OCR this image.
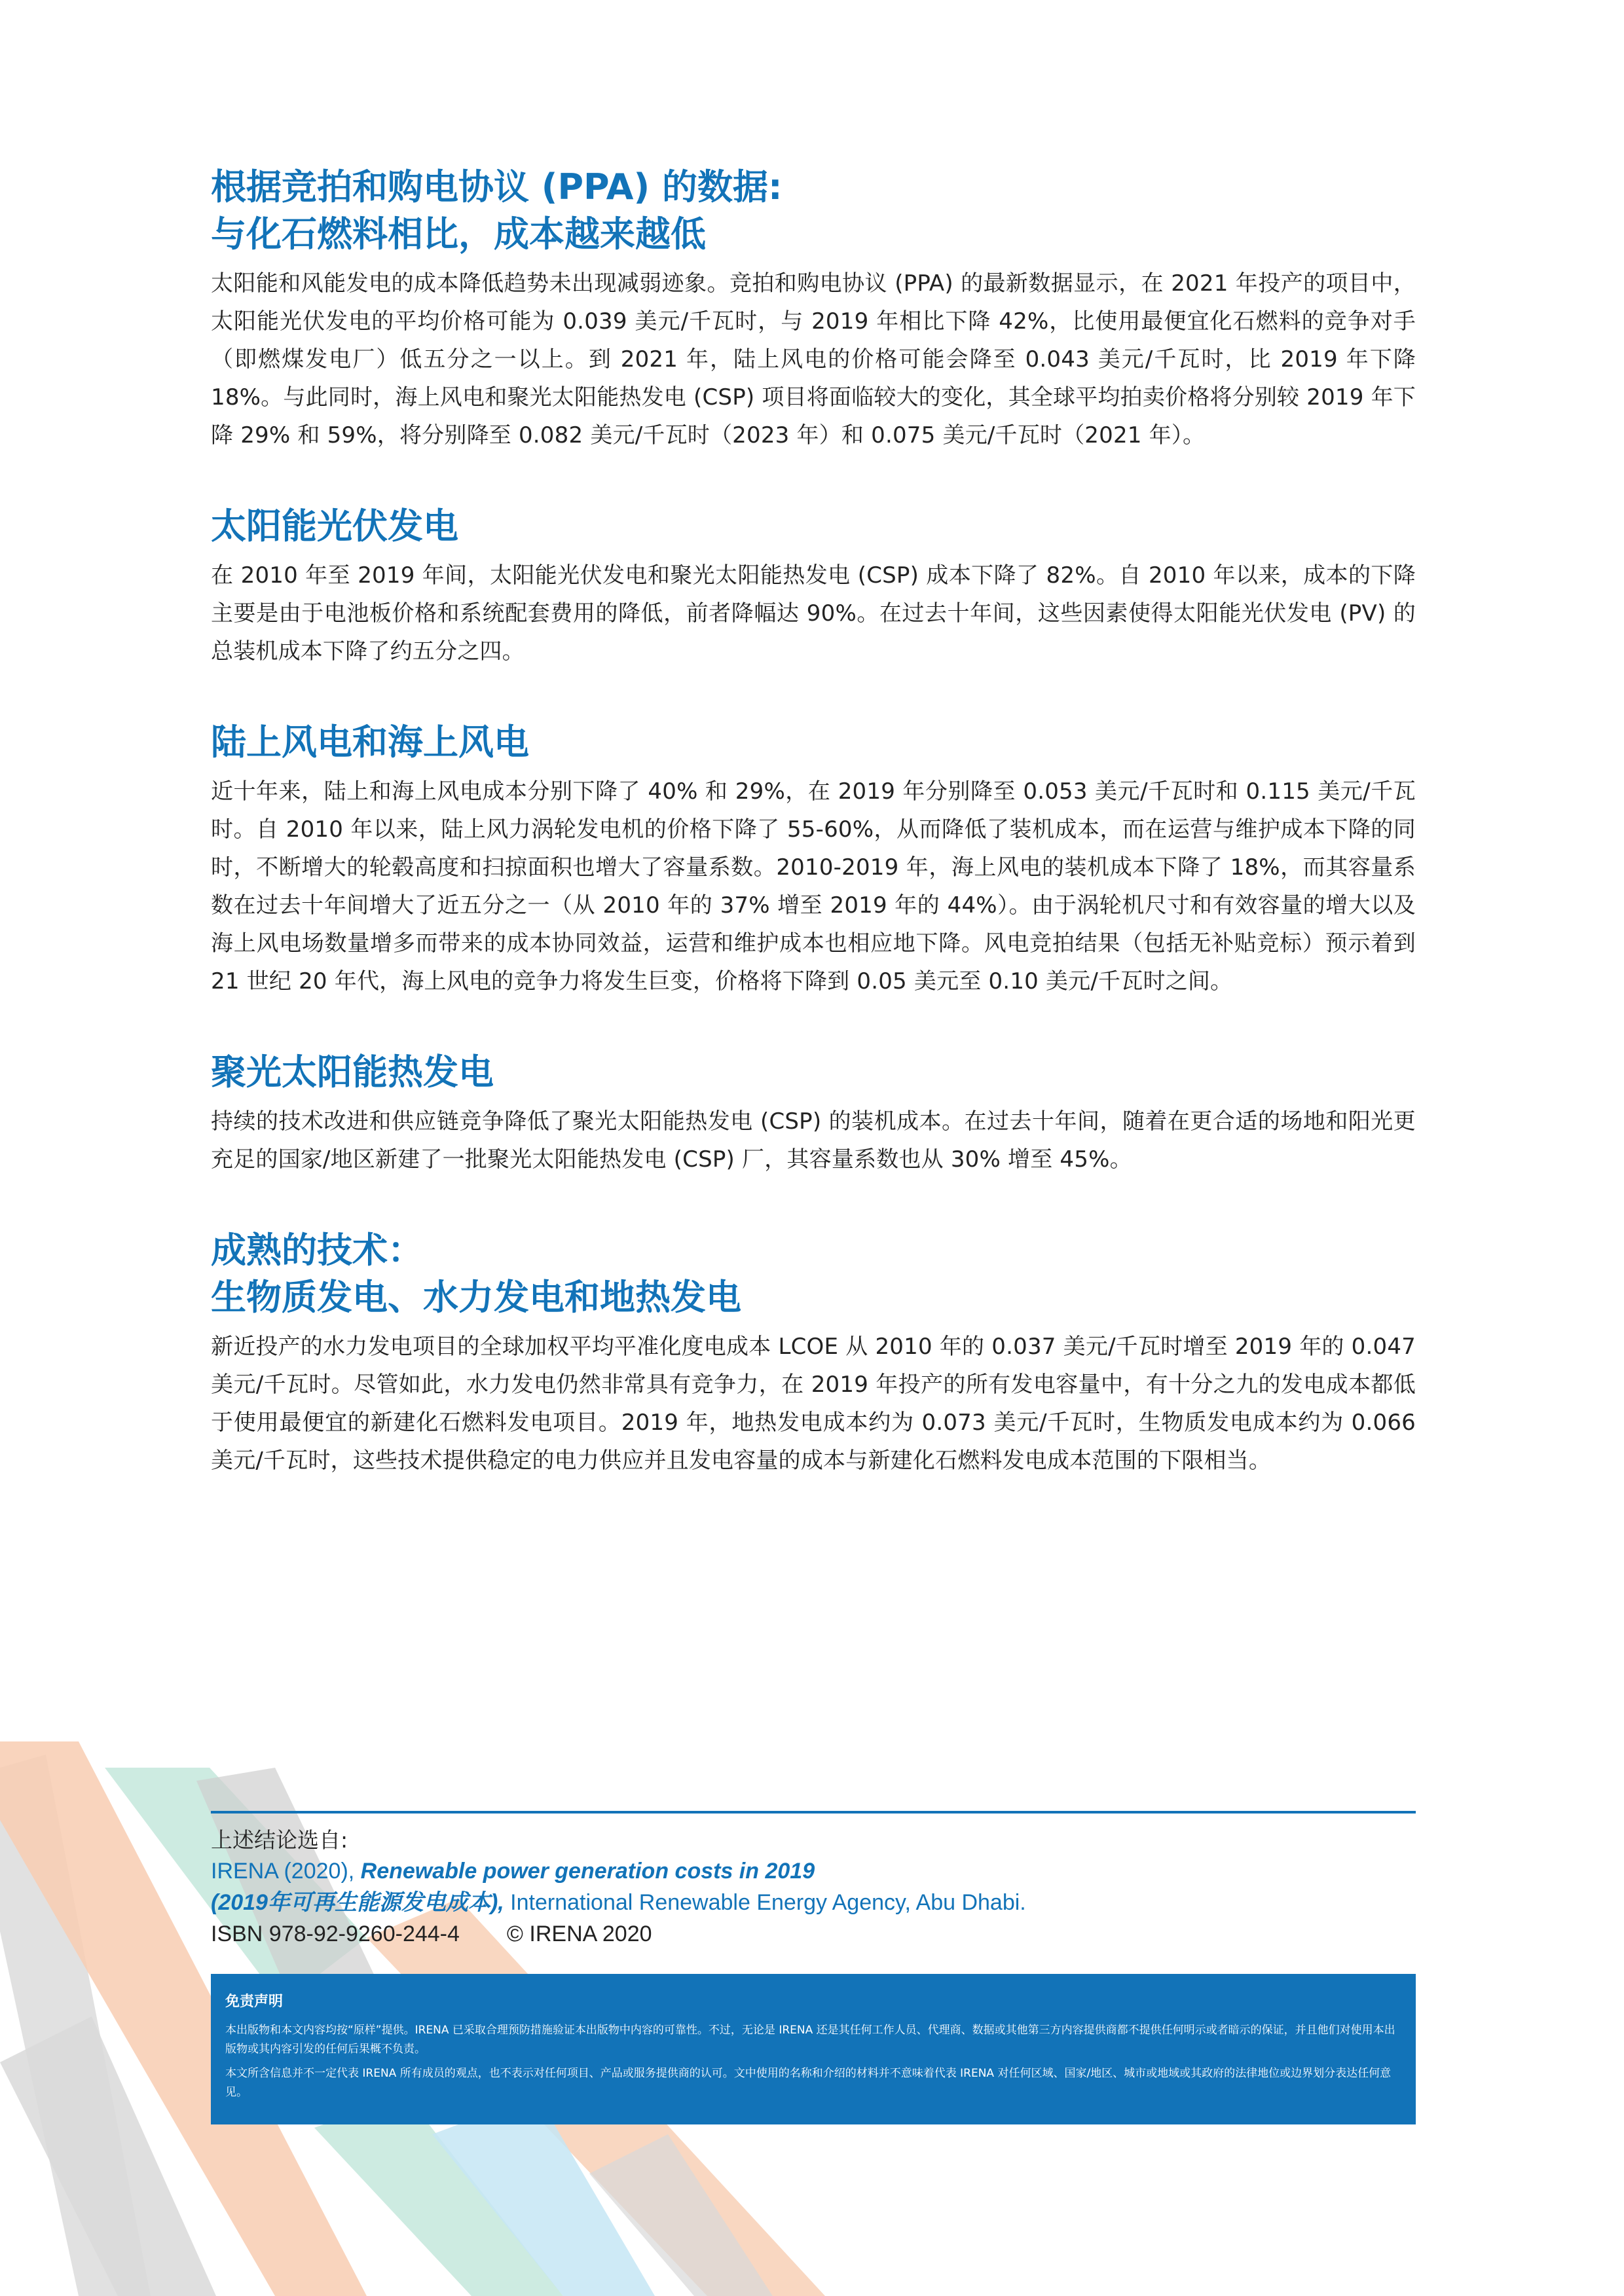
根据竞拍和购电协议 (PPA) 的数据:
与化石燃料相比，成本越来越低

太阳能和风能发电的成本降低趋势未出现减弱迹象。竞拍和购电协议 (PPA) 的最新数据显示，在 2021 年投产的项目中，太阳能光伏发电的平均价格可能为 0.039 美元/千瓦时，与 2019 年相比下降 42%，比使用最便宜化石燃料的竞争对手（即燃煤发电厂）低五分之一以上。到 2021 年，陆上风电的价格可能会降至 0.043 美元/千瓦时，比 2019 年下降 18%。与此同时，海上风电和聚光太阳能热发电 (CSP) 项目将面临较大的变化，其全球平均拍卖价格将分别较 2019 年下降 29% 和 59%，将分别降至 0.082 美元/千瓦时（2023 年）和 0.075 美元/千瓦时（2021 年）。

太阳能光伏发电

在 2010 年至 2019 年间，太阳能光伏发电和聚光太阳能热发电 (CSP) 成本下降了 82%。自 2010 年以来，成本的下降主要是由于电池板价格和系统配套费用的降低，前者降幅达 90%。在过去十年间，这些因素使得太阳能光伏发电 (PV) 的总装机成本下降了约五分之四。

陆上风电和海上风电

近十年来，陆上和海上风电成本分别下降了 40% 和 29%，在 2019 年分别降至 0.053 美元/千瓦时和 0.115 美元/千瓦时。自 2010 年以来，陆上风力涡轮发电机的价格下降了 55-60%，从而降低了装机成本，而在运营与维护成本下降的同时，不断增大的轮毂高度和扫掠面积也增大了容量系数。2010-2019 年，海上风电的装机成本下降了 18%，而其容量系数在过去十年间增大了近五分之一（从 2010 年的 37% 增至 2019 年的 44%）。由于涡轮机尺寸和有效容量的增大以及海上风电场数量增多而带来的成本协同效益，运营和维护成本也相应地下降。风电竞拍结果（包括无补贴竞标）预示着到 21 世纪 20 年代，海上风电的竞争力将发生巨变，价格将下降到 0.05 美元至 0.10 美元/千瓦时之间。

聚光太阳能热发电

持续的技术改进和供应链竞争降低了聚光太阳能热发电 (CSP) 的装机成本。在过去十年间，随着在更合适的场地和阳光更充足的国家/地区新建了一批聚光太阳能热发电 (CSP) 厂，其容量系数也从 30% 增至 45%。

成熟的技术：
生物质发电、水力发电和地热发电

新近投产的水力发电项目的全球加权平均平准化度电成本 LCOE 从 2010 年的 0.037 美元/千瓦时增至 2019 年的 0.047 美元/千瓦时。尽管如此，水力发电仍然非常具有竞争力，在 2019 年投产的所有发电容量中，有十分之九的发电成本都低于使用最便宜的新建化石燃料发电项目。2019 年，地热发电成本约为 0.073 美元/千瓦时，生物质发电成本约为 0.066 美元/千瓦时，这些技术提供稳定的电力供应并且发电容量的成本与新建化石燃料发电成本范围的下限相当。

上述结论选自:
IRENA (2020), Renewable power generation costs in 2019
(2019年可再生能源发电成本), International Renewable Energy Agency, Abu Dhabi.
ISBN 978-92-9260-244-4 © IRENA 2020
免责声明

本出版物和本文内容均按“原样”提供。IRENA 已采取合理预防措施验证本出版物中内容的可靠性。不过，无论是 IRENA 还是其任何工作人员、代理商、数据或其他第三方内容提供商都不提供任何明示或者暗示的保证，并且他们对使用本出版物或其内容引发的任何后果概不负责。

本文所含信息并不一定代表 IRENA 所有成员的观点，也不表示对任何项目、产品或服务提供商的认可。文中使用的名称和介绍的材料并不意味着代表 IRENA 对任何区域、国家/地区、城市或地域或其政府的法律地位或边界划分表达任何意见。
